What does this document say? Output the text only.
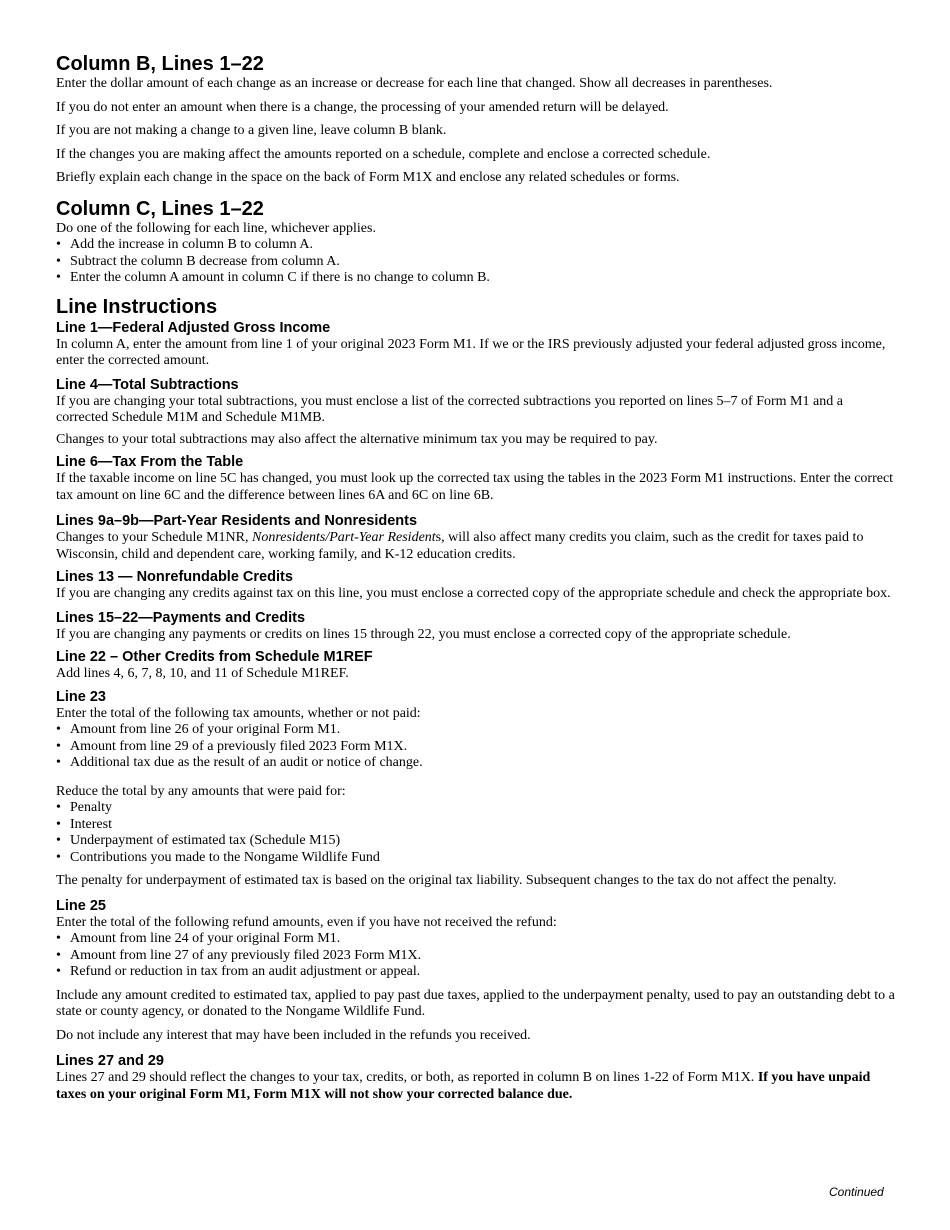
Column B, Lines 1–22

Enter the dollar amount of each change as an increase or decrease for each line that changed. Show all decreases in parentheses.

If you do not enter an amount when there is a change, the processing of your amended return will be delayed.

If you are not making a change to a given line, leave column B blank.

If the changes you are making affect the amounts reported on a schedule, complete and enclose a corrected schedule.

Briefly explain each change in the space on the back of Form M1X and enclose any related schedules or forms.

Column C, Lines 1–22

Do one of the following for each line, whichever applies.

• Add the increase in column B to column A.

• Subtract the column B decrease from column A.

• Enter the column A amount in column C if there is no change to column B.

Line Instructions
Line 1—Federal Adjusted Gross Income

In column A, enter the amount from line 1 of your original 2023 Form M1. If we or the IRS previously adjusted your federal adjusted gross income, enter the corrected amount.

Line 4—Total Subtractions

If you are changing your total subtractions, you must enclose a list of the corrected subtractions you reported on lines 5–7 of Form M1 and a corrected Schedule M1M and Schedule M1MB.

Changes to your total subtractions may also affect the alternative minimum tax you may be required to pay.

Line 6—Tax From the Table

If the taxable income on line 5C has changed, you must look up the corrected tax using the tables in the 2023 Form M1 instructions. Enter the correct tax amount on line 6C and the difference between lines 6A and 6C on line 6B.

Lines 9a–9b—Part-Year Residents and Nonresidents

Changes to your Schedule M1NR, Nonresidents/Part-Year Residents, will also affect many credits you claim, such as the credit for taxes paid to Wisconsin, child and dependent care, working family, and K-12 education credits.

Lines 13 — Nonrefundable Credits

If you are changing any credits against tax on this line, you must enclose a corrected copy of the appropriate schedule and check the appropriate box.

Lines 15–22—Payments and Credits

If you are changing any payments or credits on lines 15 through 22, you must enclose a corrected copy of the appropriate schedule.

Line 22 – Other Credits from Schedule M1REF

Add lines 4, 6, 7, 8, 10, and 11 of Schedule M1REF.

Line 23

Enter the total of the following tax amounts, whether or not paid:

• Amount from line 26 of your original Form M1.

• Amount from line 29 of a previously filed 2023 Form M1X.

• Additional tax due as the result of an audit or notice of change.

Reduce the total by any amounts that were paid for:

• Penalty

• Interest

• Underpayment of estimated tax (Schedule M15)

• Contributions you made to the Nongame Wildlife Fund

The penalty for underpayment of estimated tax is based on the original tax liability. Subsequent changes to the tax do not affect the penalty.

Line 25

Enter the total of the following refund amounts, even if you have not received the refund:

• Amount from line 24 of your original Form M1.

• Amount from line 27 of any previously filed 2023 Form M1X.

• Refund or reduction in tax from an audit adjustment or appeal.

Include any amount credited to estimated tax, applied to pay past due taxes, applied to the underpayment penalty, used to pay an outstanding debt to a state or county agency, or donated to the Nongame Wildlife Fund.

Do not include any interest that may have been included in the refunds you received.

Lines 27 and 29

Lines 27 and 29 should reflect the changes to your tax, credits, or both, as reported in column B on lines 1-22 of Form M1X. If you have unpaid taxes on your original Form M1, Form M1X will not show your corrected balance due.

Continued
